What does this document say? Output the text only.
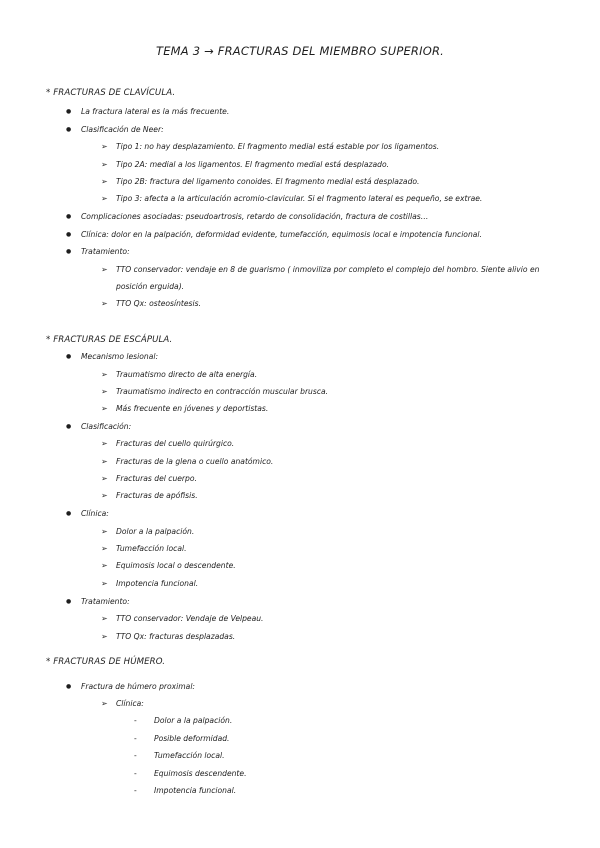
TEMA 3 → FRACTURAS DEL MIEMBRO SUPERIOR.
* FRACTURAS DE CLAVÍCULA.
● La fractura lateral es la más frecuente.
● Clasificación de Neer:
➢ Tipo 1: no hay desplazamiento. El fragmento medial está estable por los ligamentos.
➢ Tipo 2A: medial a los ligamentos. El fragmento medial está desplazado.
➢ Tipo 2B: fractura del ligamento conoides. El fragmento medial está desplazado.
➢ Tipo 3: afecta a la articulación acromio-clavicular. Si el fragmento lateral es pequeño, se extrae.
● Complicaciones asociadas: pseudoartrosis, retardo de consolidación, fractura de costillas…
● Clínica: dolor en la palpación, deformidad evidente, tumefacción, equimosis local e impotencia funcional.
● Tratamiento:
➢ TTO conservador: vendaje en 8 de guarismo ( inmoviliza por completo el complejo del hombro. Siente alivio en
posición erguida).
➢ TTO Qx: osteosíntesis.
* FRACTURAS DE ESCÁPULA.
● Mecanismo lesional:
➢ Traumatismo directo de alta energía.
➢ Traumatismo indirecto en contracción muscular brusca.
➢ Más frecuente en jóvenes y deportistas.
● Clasificación:
➢ Fracturas del cuello quirúrgico.
➢ Fracturas de la glena o cuello anatómico.
➢ Fracturas del cuerpo.
➢ Fracturas de apófisis.
● Clínica:
➢ Dolor a la palpación.
➢ Tumefacción local.
➢ Equimosis local o descendente.
➢ Impotencia funcional.
● Tratamiento:
➢ TTO conservador: Vendaje de Velpeau.
➢ TTO Qx: fracturas desplazadas.
* FRACTURAS DE HÚMERO.
● Fractura de húmero proximal:
➢ Clínica:
- Dolor a la palpación.
- Posible deformidad.
- Tumefacción local.
- Equimosis descendente.
- Impotencia funcional.
